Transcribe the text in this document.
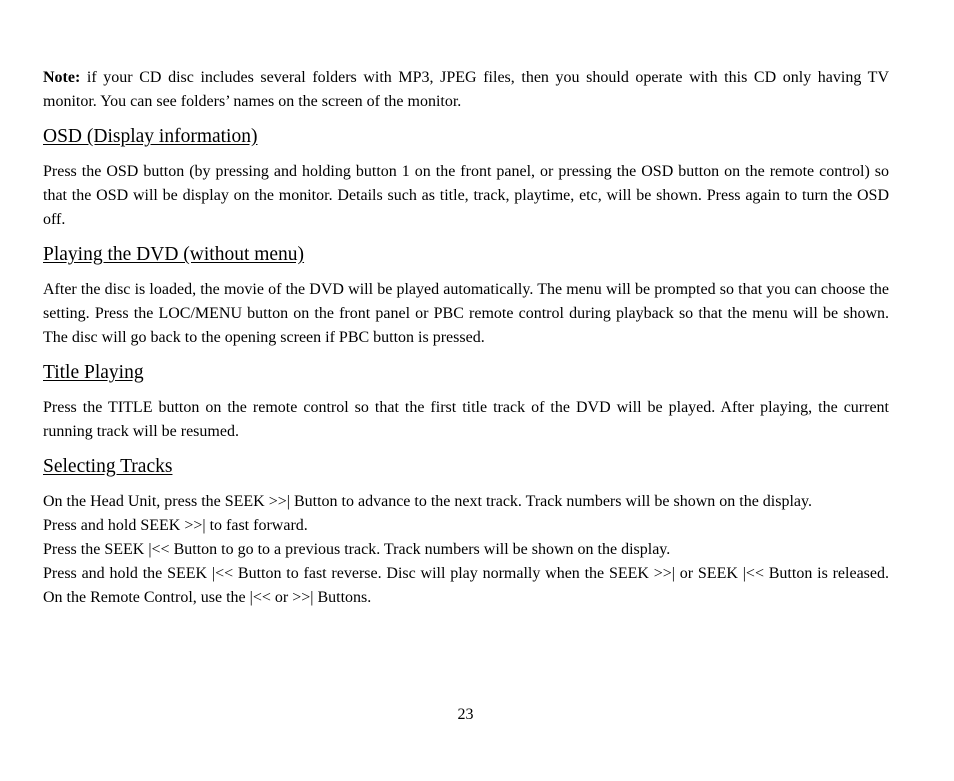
Note: if your CD disc includes several folders with MP3, JPEG files, then you should operate with this CD only having TV monitor. You can see folders’ names on the screen of the monitor.

OSD (Display information)

Press the OSD button (by pressing and holding button 1 on the front panel, or pressing the OSD button on the remote control) so that the OSD will be display on the monitor. Details such as title, track, playtime, etc, will be shown. Press again to turn the OSD off.

Playing the DVD (without menu)

After the disc is loaded, the movie of the DVD will be played automatically. The menu will be prompted so that you can choose the setting. Press the LOC/MENU button on the front panel or PBC remote control during playback so that the menu will be shown. The disc will go back to the opening screen if PBC button is pressed.

Title Playing

Press the TITLE button on the remote control so that the first title track of the DVD will be played. After playing, the current running track will be resumed.

Selecting Tracks

On the Head Unit, press the SEEK >>| Button to advance to the next track. Track numbers will be shown on the display.

Press and hold SEEK >>| to fast forward.

Press the SEEK |<< Button to go to a previous track. Track numbers will be shown on the display.

Press and hold the SEEK |<< Button to fast reverse. Disc will play normally when the SEEK >>| or SEEK |<< Button is released. On the Remote Control, use the |<< or >>| Buttons.

23
